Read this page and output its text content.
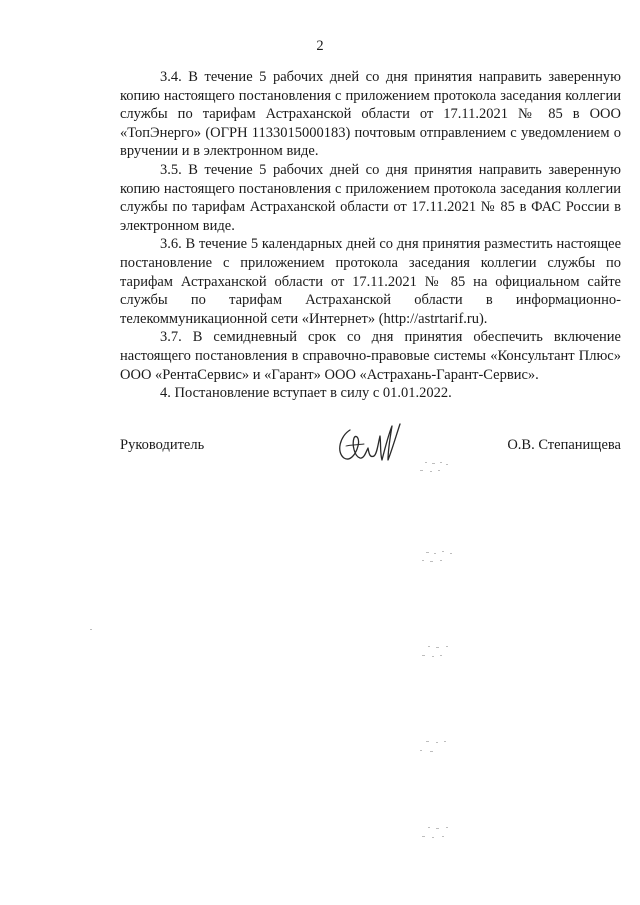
2

3.4. В течение 5 рабочих дней со дня принятия направить заверенную копию настоящего постановления с приложением протокола заседания коллегии службы по тарифам Астраханской области от 17.11.2021 № 85 в ООО «ТопЭнерго» (ОГРН 1133015000183) почтовым отправлением с уведомлением о вручении и в электронном виде.

3.5. В течение 5 рабочих дней со дня принятия направить заверенную копию настоящего постановления с приложением протокола заседания коллегии службы по тарифам Астраханской области от 17.11.2021 № 85 в ФАС России в электронном виде.

3.6. В течение 5 календарных дней со дня принятия разместить настоящее постановление с приложением протокола заседания коллегии службы по тарифам Астраханской области от 17.11.2021 № 85 на официальном сайте службы по тарифам Астраханской области в информационно-телекоммуникационной сети «Интернет» (http://astrtarif.ru).

3.7. В семидневный срок со дня принятия обеспечить включение настоящего постановления в справочно-правовые системы «Консультант Плюс» ООО «РентаСервис» и «Гарант» ООО «Астрахань-Гарант-Сервис».

4. Постановление вступает в силу с 01.01.2022.

Руководитель	О.В. Степанищева
